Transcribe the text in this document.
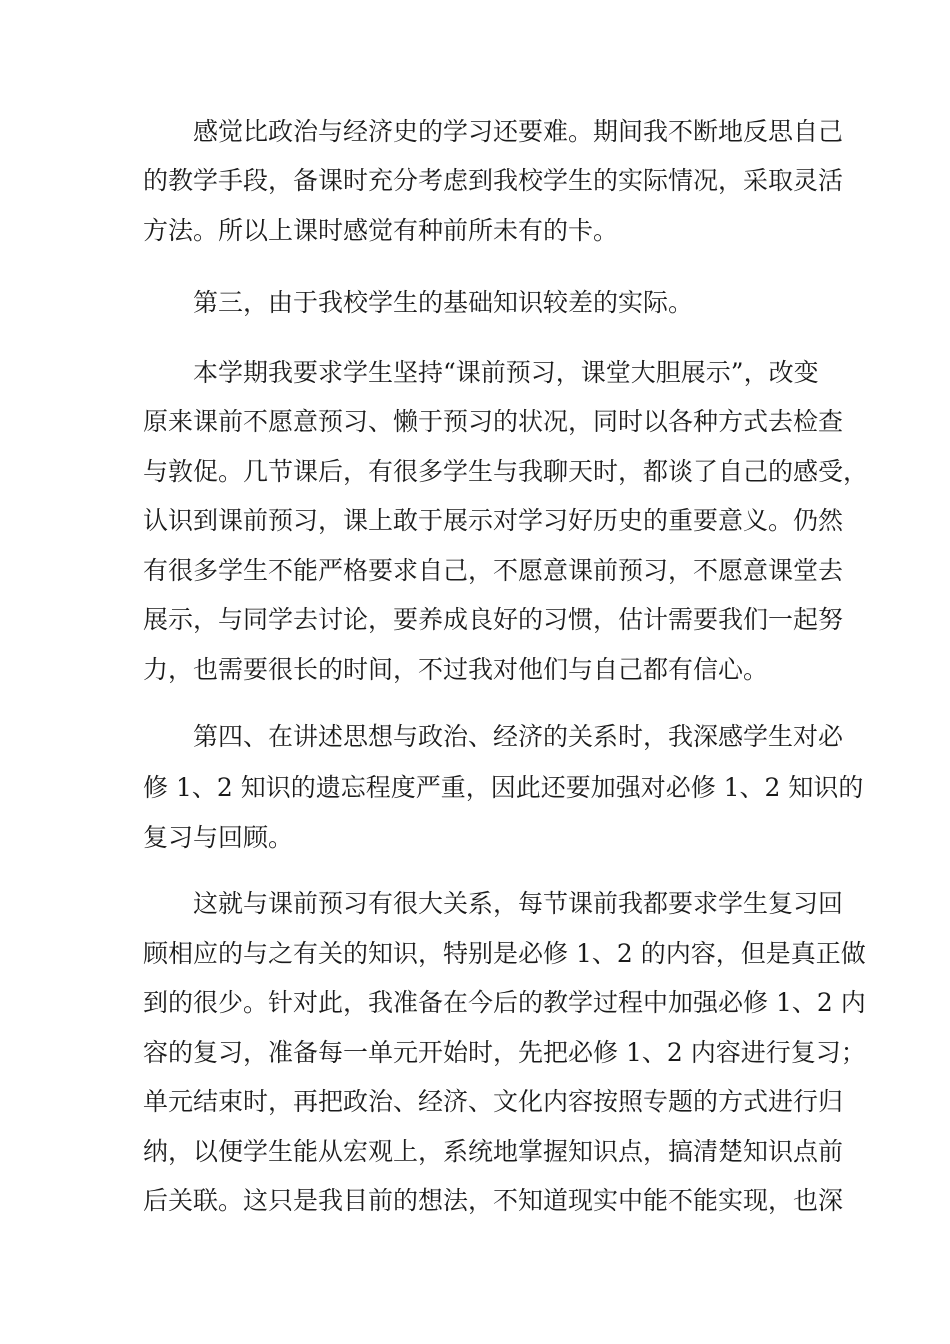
感觉比政治与经济史的学习还要难。期间我不断地反思自己

的教学手段，备课时充分考虑到我校学生的实际情况，采取灵活

方法。所以上课时感觉有种前所未有的卡。

第三，由于我校学生的基础知识较差的实际。

本学期我要求学生坚持“课前预习，课堂大胆展示”，改变

原来课前不愿意预习、懒于预习的状况，同时以各种方式去检查

与敦促。几节课后，有很多学生与我聊天时，都谈了自己的感受，

认识到课前预习，课上敢于展示对学习好历史的重要意义。仍然

有很多学生不能严格要求自己，不愿意课前预习，不愿意课堂去

展示，与同学去讨论，要养成良好的习惯，估计需要我们一起努

力，也需要很长的时间，不过我对他们与自己都有信心。

第四、在讲述思想与政治、经济的关系时，我深感学生对必

修 1、2 知识的遗忘程度严重，因此还要加强对必修 1、2 知识的

复习与回顾。

这就与课前预习有很大关系，每节课前我都要求学生复习回

顾相应的与之有关的知识，特别是必修 1、2 的内容，但是真正做

到的很少。针对此，我准备在今后的教学过程中加强必修 1、2 内

容的复习，准备每一单元开始时，先把必修 1、2 内容进行复习；

单元结束时，再把政治、经济、文化内容按照专题的方式进行归

纳，以便学生能从宏观上，系统地掌握知识点，搞清楚知识点前

后关联。这只是我目前的想法，不知道现实中能不能实现，也深
